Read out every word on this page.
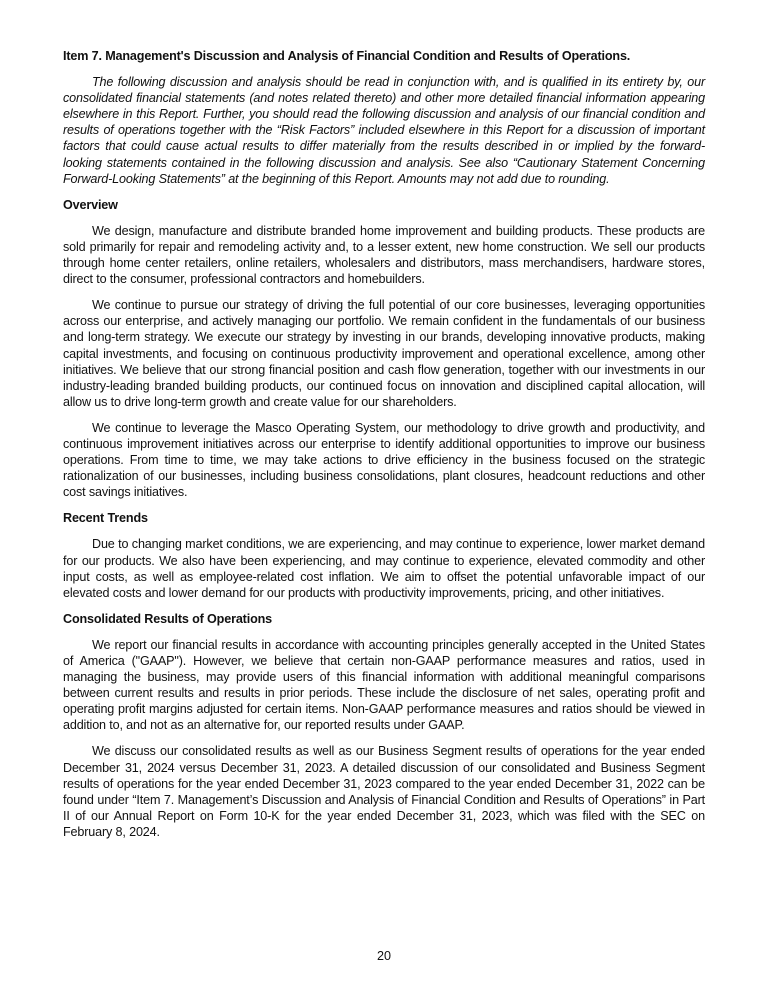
Item 7. Management's Discussion and Analysis of Financial Condition and Results of Operations.

The following discussion and analysis should be read in conjunction with, and is qualified in its entirety by, our consolidated financial statements (and notes related thereto) and other more detailed financial information appearing elsewhere in this Report. Further, you should read the following discussion and analysis of our financial condition and results of operations together with the “Risk Factors” included elsewhere in this Report for a discussion of important factors that could cause actual results to differ materially from the results described in or implied by the forward-looking statements contained in the following discussion and analysis. See also “Cautionary Statement Concerning Forward-Looking Statements” at the beginning of this Report. Amounts may not add due to rounding.

Overview

We design, manufacture and distribute branded home improvement and building products. These products are sold primarily for repair and remodeling activity and, to a lesser extent, new home construction. We sell our products through home center retailers, online retailers, wholesalers and distributors, mass merchandisers, hardware stores, direct to the consumer, professional contractors and homebuilders.

We continue to pursue our strategy of driving the full potential of our core businesses, leveraging opportunities across our enterprise, and actively managing our portfolio. We remain confident in the fundamentals of our business and long-term strategy. We execute our strategy by investing in our brands, developing innovative products, making capital investments, and focusing on continuous productivity improvement and operational excellence, among other initiatives. We believe that our strong financial position and cash flow generation, together with our investments in our industry-leading branded building products, our continued focus on innovation and disciplined capital allocation, will allow us to drive long-term growth and create value for our shareholders.

We continue to leverage the Masco Operating System, our methodology to drive growth and productivity, and continuous improvement initiatives across our enterprise to identify additional opportunities to improve our business operations. From time to time, we may take actions to drive efficiency in the business focused on the strategic rationalization of our businesses, including business consolidations, plant closures, headcount reductions and other cost savings initiatives.

Recent Trends

Due to changing market conditions, we are experiencing, and may continue to experience, lower market demand for our products. We also have been experiencing, and may continue to experience, elevated commodity and other input costs, as well as employee-related cost inflation. We aim to offset the potential unfavorable impact of our elevated costs and lower demand for our products with productivity improvements, pricing, and other initiatives.

Consolidated Results of Operations

We report our financial results in accordance with accounting principles generally accepted in the United States of America ("GAAP"). However, we believe that certain non-GAAP performance measures and ratios, used in managing the business, may provide users of this financial information with additional meaningful comparisons between current results and results in prior periods. These include the disclosure of net sales, operating profit and operating profit margins adjusted for certain items. Non-GAAP performance measures and ratios should be viewed in addition to, and not as an alternative for, our reported results under GAAP.

We discuss our consolidated results as well as our Business Segment results of operations for the year ended December 31, 2024 versus December 31, 2023. A detailed discussion of our consolidated and Business Segment results of operations for the year ended December 31, 2023 compared to the year ended December 31, 2022 can be found under “Item 7. Management’s Discussion and Analysis of Financial Condition and Results of Operations” in Part II of our Annual Report on Form 10-K for the year ended December 31, 2023, which was filed with the SEC on February 8, 2024.

20
